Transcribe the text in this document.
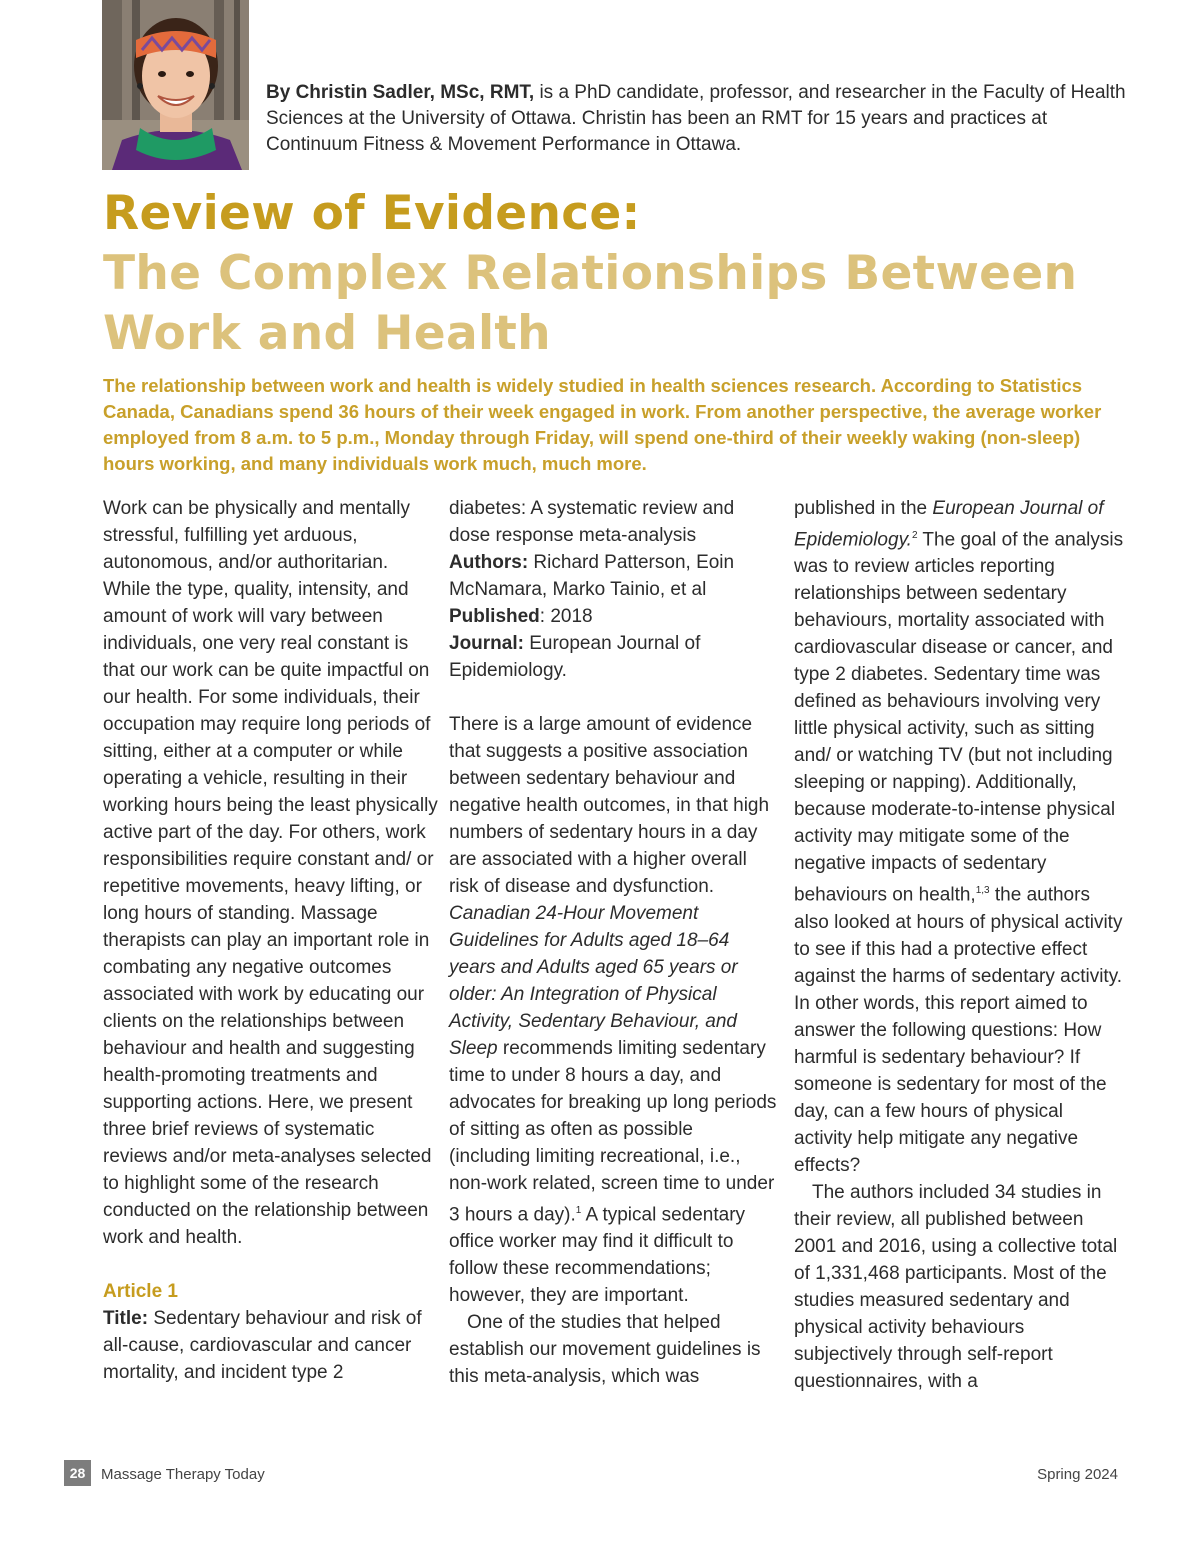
By Christin Sadler, MSc, RMT, is a PhD candidate, professor, and researcher in the Faculty of Health Sciences at the University of Ottawa. Christin has been an RMT for 15 years and practices at Continuum Fitness & Movement Performance in Ottawa.
Review of Evidence:
The Complex Relationships Between
Work and Health
The relationship between work and health is widely studied in health sciences research. According to Statistics Canada, Canadians spend 36 hours of their week engaged in work. From another perspective, the average worker employed from 8 a.m. to 5 p.m., Monday through Friday, will spend one-third of their weekly waking (non-sleep) hours working, and many individuals work much, much more.

Work can be physically and mentally stressful, fulfilling yet arduous, autonomous, and/or authoritarian. While the type, quality, intensity, and amount of work will vary between individuals, one very real constant is that our work can be quite impactful on our health. For some individuals, their occupation may require long periods of sitting, either at a computer or while operating a vehicle, resulting in their working hours being the least physically active part of the day. For others, work responsibilities require constant and/ or repetitive movements, heavy lifting, or long hours of standing. Massage therapists can play an important role in combating any negative outcomes associated with work by educating our clients on the relationships between behaviour and health and suggesting health-promoting treatments and supporting actions. Here, we present three brief reviews of systematic reviews and/or meta-analyses selected to highlight some of the research conducted on the relationship between work and health.

Article 1

Title: Sedentary behaviour and risk of all-cause, cardiovascular and cancer mortality, and incident type 2

diabetes: A systematic review and dose response meta-analysis

Authors: Richard Patterson, Eoin McNamara, Marko Tainio, et al

Published: 2018

Journal: European Journal of Epidemiology.

There is a large amount of evidence that suggests a positive association between sedentary behaviour and negative health outcomes, in that high numbers of sedentary hours in a day are associated with a higher overall risk of disease and dysfunction. Canadian 24-Hour Movement Guidelines for Adults aged 18–64 years and Adults aged 65 years or older: An Integration of Physical Activity, Sedentary Behaviour, and Sleep recommends limiting sedentary time to under 8 hours a day, and advocates for breaking up long periods of sitting as often as possible (including limiting recreational, i.e., non-work related, screen time to under 3 hours a day).$^1$ A typical sedentary office worker may find it difficult to follow these recommendations; however, they are important.

One of the studies that helped establish our movement guidelines is this meta-analysis, which was

published in the European Journal of Epidemiology.$^2$ The goal of the analysis was to review articles reporting relationships between sedentary behaviours, mortality associated with cardiovascular disease or cancer, and type 2 diabetes. Sedentary time was defined as behaviours involving very little physical activity, such as sitting and/ or watching TV (but not including sleeping or napping). Additionally, because moderate-to-intense physical activity may mitigate some of the negative impacts of sedentary behaviours on health,$^{1,3}$ the authors also looked at hours of physical activity to see if this had a protective effect against the harms of sedentary activity. In other words, this report aimed to answer the following questions: How harmful is sedentary behaviour? If someone is sedentary for most of the day, can a few hours of physical activity help mitigate any negative effects?

The authors included 34 studies in their review, all published between 2001 and 2016, using a collective total of 1,331,468 participants. Most of the studies measured sedentary and physical activity behaviours subjectively through self-report questionnaires, with a

28	Massage Therapy Today	Spring 2024
